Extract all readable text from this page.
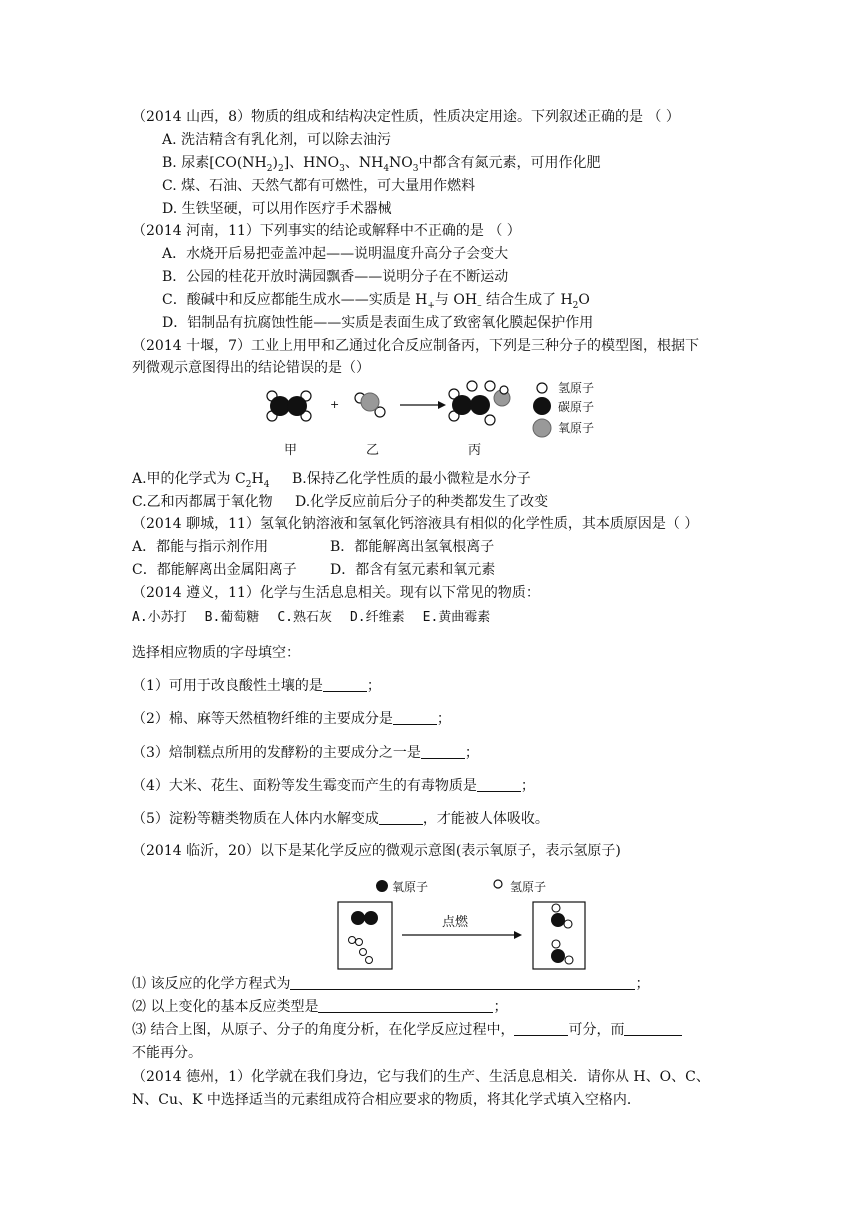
（2014 山西，8）物质的组成和结构决定性质，性质决定用途。下列叙述正确的是 （ ）
A. 洗洁精含有乳化剂，可以除去油污
B. 尿素$[CO(NH_2)_2]$、$HNO_3$、$NH_4NO_3$中都含有氮元素，可用作化肥
C. 煤、石油、天然气都有可燃性，可大量用作燃料
D. 生铁坚硬，可以用作医疗手术器械
（2014 河南，11）下列事实的结论或解释中不正确的是 （ ）
A．水烧开后易把壶盖冲起——说明温度升高分子会变大
B．公园的桂花开放时满园飘香——说明分子在不断运动
C．酸碱中和反应都能生成水——实质是 $H_+$与 $OH_-$ 结合生成了 $H_2O$
D．铝制品有抗腐蚀性能——实质是表面生成了致密氧化膜起保护作用
（2014 十堰，7）工业上用甲和乙通过化合反应制备丙，下列是三种分子的模型图，根据下
列微观示意图得出的结论错误的是（）
+
氢原子
碳原子
氧原子
甲	乙	丙
A.甲的化学式为 $C_2H_4$ B.保持乙化学性质的最小微粒是水分子
C.乙和丙都属于氧化物 D.化学反应前后分子的种类都发生了改变
（2014 聊城，11）氢氧化钠溶液和氢氧化钙溶液具有相似的化学性质，其本质原因是（ ）
A．都能与指示剂作用	B．都能解离出氢氧根离子
C．都能解离出金属阳离子 D．都含有氢元素和氧元素
（2014 遵义，11）化学与生活息息相关。现有以下常见的物质：
A.小苏打 B.葡萄糖 C.熟石灰 D.纤维素 E.黄曲霉素
选择相应物质的字母填空：
（1）可用于改良酸性土壤的是	；
（2）棉、麻等天然植物纤维的主要成分是	；
（3）焙制糕点所用的发酵粉的主要成分之一是	；
（4）大米、花生、面粉等发生霉变而产生的有毒物质是	；
（5）淀粉等糖类物质在人体内水解变成	，才能被人体吸收。
（2014 临沂，20）以下是某化学反应的微观示意图(表示氧原子，表示氢原子)
氧原子	氢原子
点燃
⑴ 该反应的化学方程式为	；
⑵ 以上变化的基本反应类型是	；
⑶ 结合上图，从原子、分子的角度分析，在化学反应过程中，	可分，而
不能再分。
（2014 德州，1）化学就在我们身边，它与我们的生产、生活息息相关．请你从 H、O、C、
N、Cu、K 中选择适当的元素组成符合相应要求的物质，将其化学式填入空格内．
